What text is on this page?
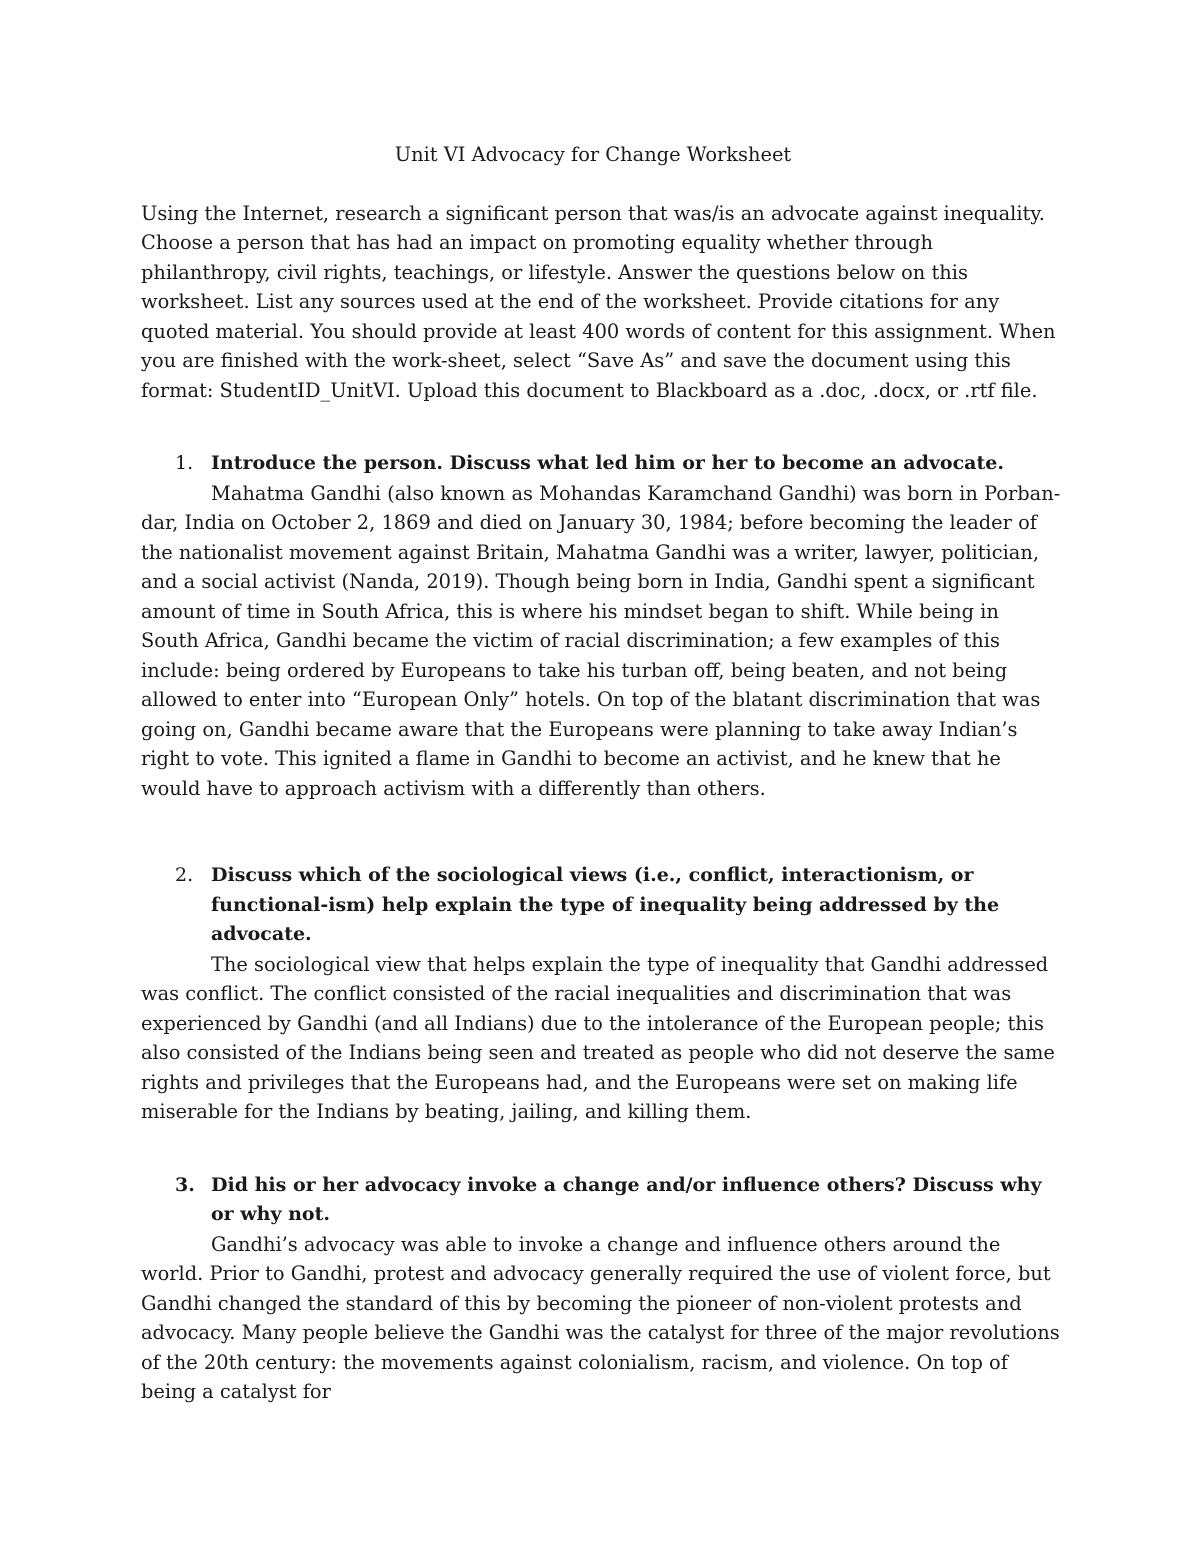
Unit VI Advocacy for Change Worksheet

Using the Internet, research a significant person that was/is an advocate against inequality. Choose a person that has had an impact on promoting equality whether through philanthropy, civil rights, teachings, or lifestyle. Answer the questions below on this worksheet. List any sources used at the end of the worksheet. Provide citations for any quoted material. You should provide at least 400 words of content for this assignment. When you are finished with the work-sheet, select “Save As” and save the document using this format: StudentID_UnitVI. Upload this document to Blackboard as a .doc, .docx, or .rtf file.

1. Introduce the person. Discuss what led him or her to become an advocate.

Mahatma Gandhi (also known as Mohandas Karamchand Gandhi) was born in Porban-dar, India on October 2, 1869 and died on January 30, 1984; before becoming the leader of the nationalist movement against Britain, Mahatma Gandhi was a writer, lawyer, politician, and a social activist (Nanda, 2019). Though being born in India, Gandhi spent a significant amount of time in South Africa, this is where his mindset began to shift. While being in South Africa, Gandhi became the victim of racial discrimination; a few examples of this include: being ordered by Europeans to take his turban off, being beaten, and not being allowed to enter into “European Only” hotels. On top of the blatant discrimination that was going on, Gandhi became aware that the Europeans were planning to take away Indian’s right to vote. This ignited a flame in Gandhi to become an activist, and he knew that he would have to approach activism with a differently than others.

2. Discuss which of the sociological views (i.e., conflict, interactionism, or functional-ism) help explain the type of inequality being addressed by the advocate.

The sociological view that helps explain the type of inequality that Gandhi addressed was conflict. The conflict consisted of the racial inequalities and discrimination that was experienced by Gandhi (and all Indians) due to the intolerance of the European people; this also consisted of the Indians being seen and treated as people who did not deserve the same rights and privileges that the Europeans had, and the Europeans were set on making life miserable for the Indians by beating, jailing, and killing them.

3. Did his or her advocacy invoke a change and/or influence others? Discuss why or why not.

Gandhi’s advocacy was able to invoke a change and influence others around the world. Prior to Gandhi, protest and advocacy generally required the use of violent force, but Gandhi changed the standard of this by becoming the pioneer of non-violent protests and advocacy. Many people believe the Gandhi was the catalyst for three of the major revolutions of the 20th century: the movements against colonialism, racism, and violence. On top of being a catalyst for
